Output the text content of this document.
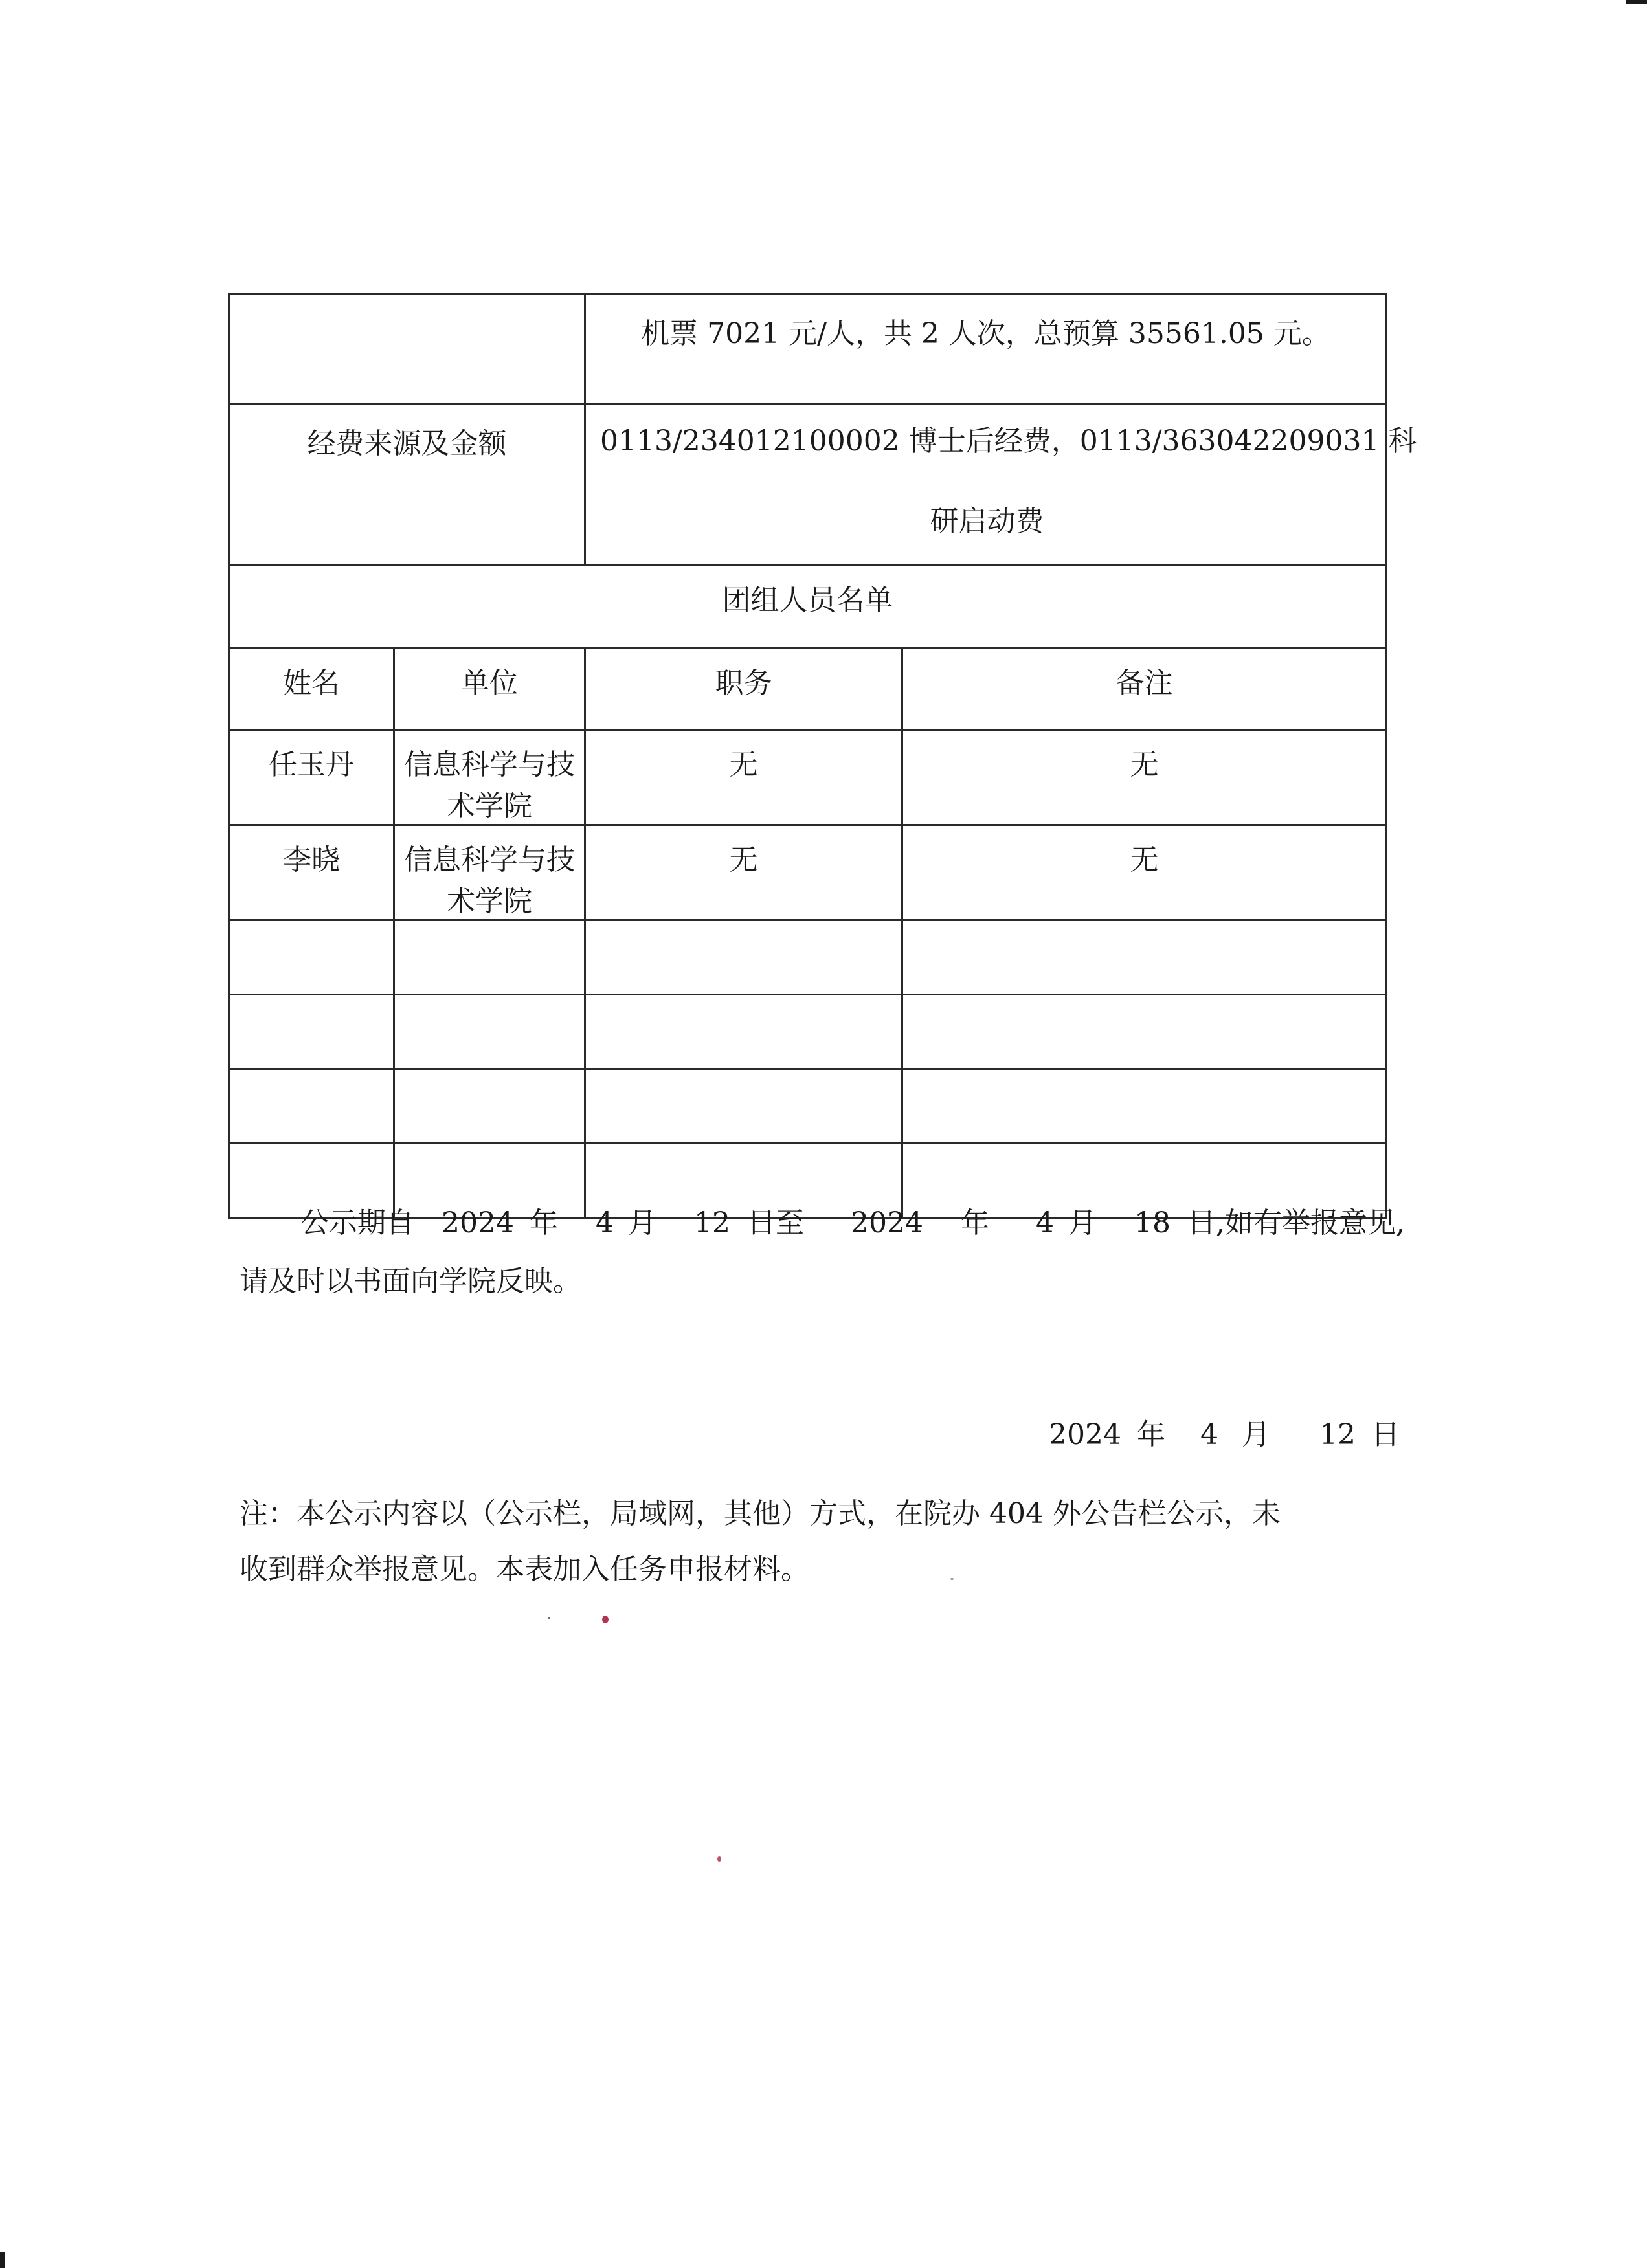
		机票 7021 元/人，共 2 人次，总预算 35561.05 元。	
经费来源及金额		0113/234012100002 博士后经费，0113/363042209031 科
研启动费	

团组人员名单			
姓名	单位	职务	备注
任玉丹	信息科学与技术学院	无	无
李晓	信息科学与技术学院	无	无

公示期自 2024 年 4 月 12 日至 2024 年 4 月 18 日,如有举报意见,
请及时以书面向学院反映。
2024 年 4 月 12 日
注：本公示内容以（公示栏，局域网，其他）方式，在院办 404 外公告栏公示，未
收到群众举报意见。本表加入任务申报材料。
